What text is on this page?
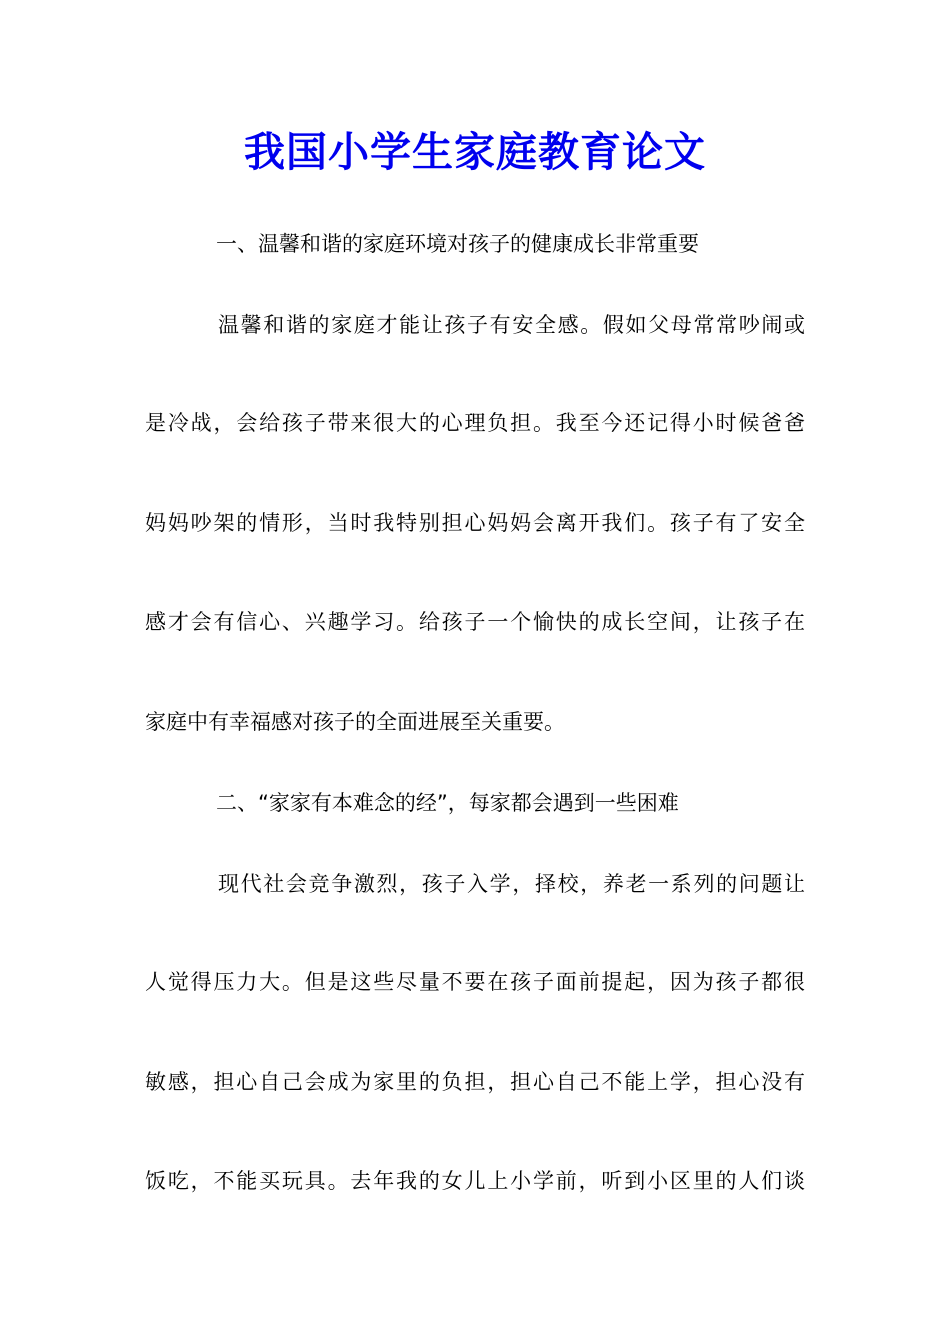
我国小学生家庭教育论文
一、温馨和谐的家庭环境对孩子的健康成长非常重要
温馨和谐的家庭才能让孩子有安全感。假如父母常常吵闹或
是冷战，会给孩子带来很大的心理负担。我至今还记得小时候爸爸
妈妈吵架的情形，当时我特别担心妈妈会离开我们。孩子有了安全
感才会有信心、兴趣学习。给孩子一个愉快的成长空间，让孩子在
家庭中有幸福感对孩子的全面进展至关重要。
二、“家家有本难念的经”，每家都会遇到一些困难
现代社会竞争激烈，孩子入学，择校，养老一系列的问题让
人觉得压力大。但是这些尽量不要在孩子面前提起，因为孩子都很
敏感，担心自己会成为家里的负担，担心自己不能上学，担心没有
饭吃，不能买玩具。去年我的女儿上小学前，听到小区里的人们谈
